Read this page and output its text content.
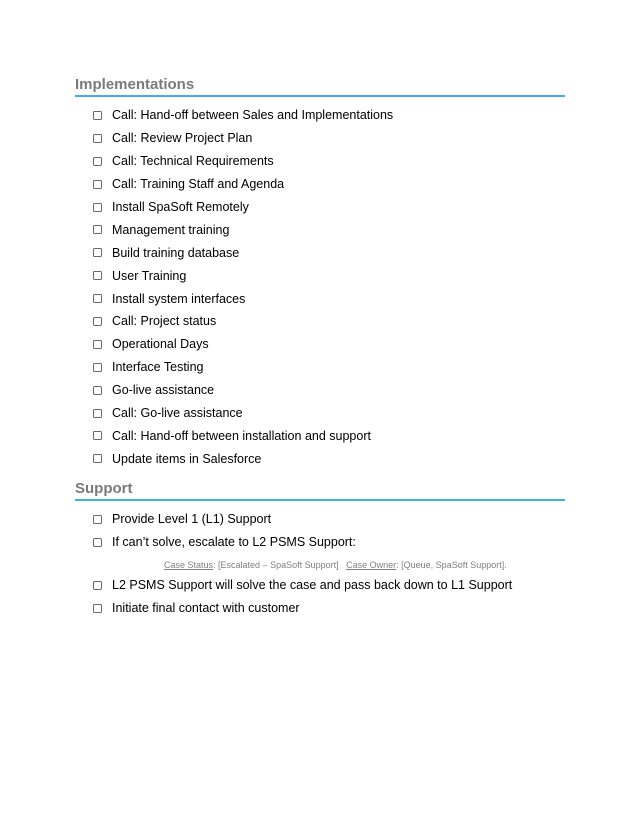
Implementations
Call: Hand-off between Sales and Implementations
Call: Review Project Plan
Call: Technical Requirements
Call: Training Staff and Agenda
Install SpaSoft Remotely
Management training
Build training database
User Training
Install system interfaces
Call: Project status
Operational Days
Interface Testing
Go-live assistance
Call: Go-live assistance
Call: Hand-off between installation and support
Update items in Salesforce
Support
Provide Level 1 (L1) Support
If can’t solve, escalate to L2 PSMS Support:
Case Status: [Escalated – SpaSoft Support] Case Owner: [Queue, SpaSoft Support].
L2 PSMS Support will solve the case and pass back down to L1 Support
Initiate final contact with customer
